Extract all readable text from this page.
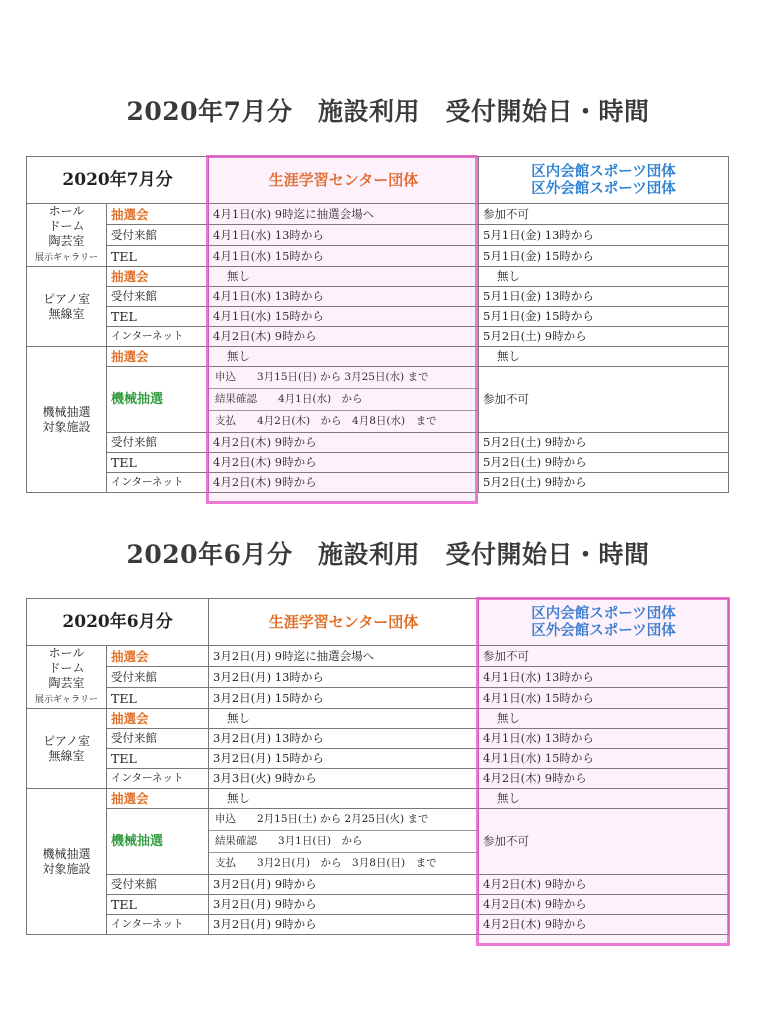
2020年7月分　施設利用　受付開始日・時間
2020年7月分		生涯学習センター団体	区内会館スポーツ団体
区外会館スポーツ団体

ホール
ドーム
陶芸室
展示ギャラリー	抽選会	4月1日(水) 9時迄に抽選会場へ	参加不可
	受付来館	4月1日(水) 13時から	5月1日(金) 13時から
	TEL	4月1日(水) 15時から	5月1日(金) 15時から

ピアノ室
無線室	抽選会	無し	無し
	受付来館	4月1日(水) 13時から	5月1日(金) 13時から
	TEL	4月1日(水) 15時から	5月1日(金) 15時から
	インターネット	4月2日(木) 9時から	5月2日(土) 9時から

機械抽選
対象施設	抽選会	無し	無し
	機械抽選	申込　　3月15日(日) から 3月25日(水) まで
結果確認　　4月1日(水)　から
支払　　4月2日(木)　から　4月8日(水)　まで	参加不可
	受付来館	4月2日(木) 9時から	5月2日(土) 9時から
	TEL	4月2日(木) 9時から	5月2日(土) 9時から
	インターネット	4月2日(木) 9時から	5月2日(土) 9時から
2020年6月分　施設利用　受付開始日・時間
2020年6月分		生涯学習センター団体	区内会館スポーツ団体
区外会館スポーツ団体

ホール
ドーム
陶芸室
展示ギャラリー	抽選会	3月2日(月) 9時迄に抽選会場へ	参加不可
	受付来館	3月2日(月) 13時から	4月1日(水) 13時から
	TEL	3月2日(月) 15時から	4月1日(水) 15時から

ピアノ室
無線室	抽選会	無し	無し
	受付来館	3月2日(月) 13時から	4月1日(水) 13時から
	TEL	3月2日(月) 15時から	4月1日(水) 15時から
	インターネット	3月3日(火) 9時から	4月2日(木) 9時から

機械抽選
対象施設	抽選会	無し	無し
	機械抽選	申込　　2月15日(土) から 2月25日(火) まで
結果確認　　3月1日(日)　から
支払　　3月2日(月)　から　3月8日(日)　まで	参加不可
	受付来館	3月2日(月) 9時から	4月2日(木) 9時から
	TEL	3月2日(月) 9時から	4月2日(木) 9時から
	インターネット	3月2日(月) 9時から	4月2日(木) 9時から
